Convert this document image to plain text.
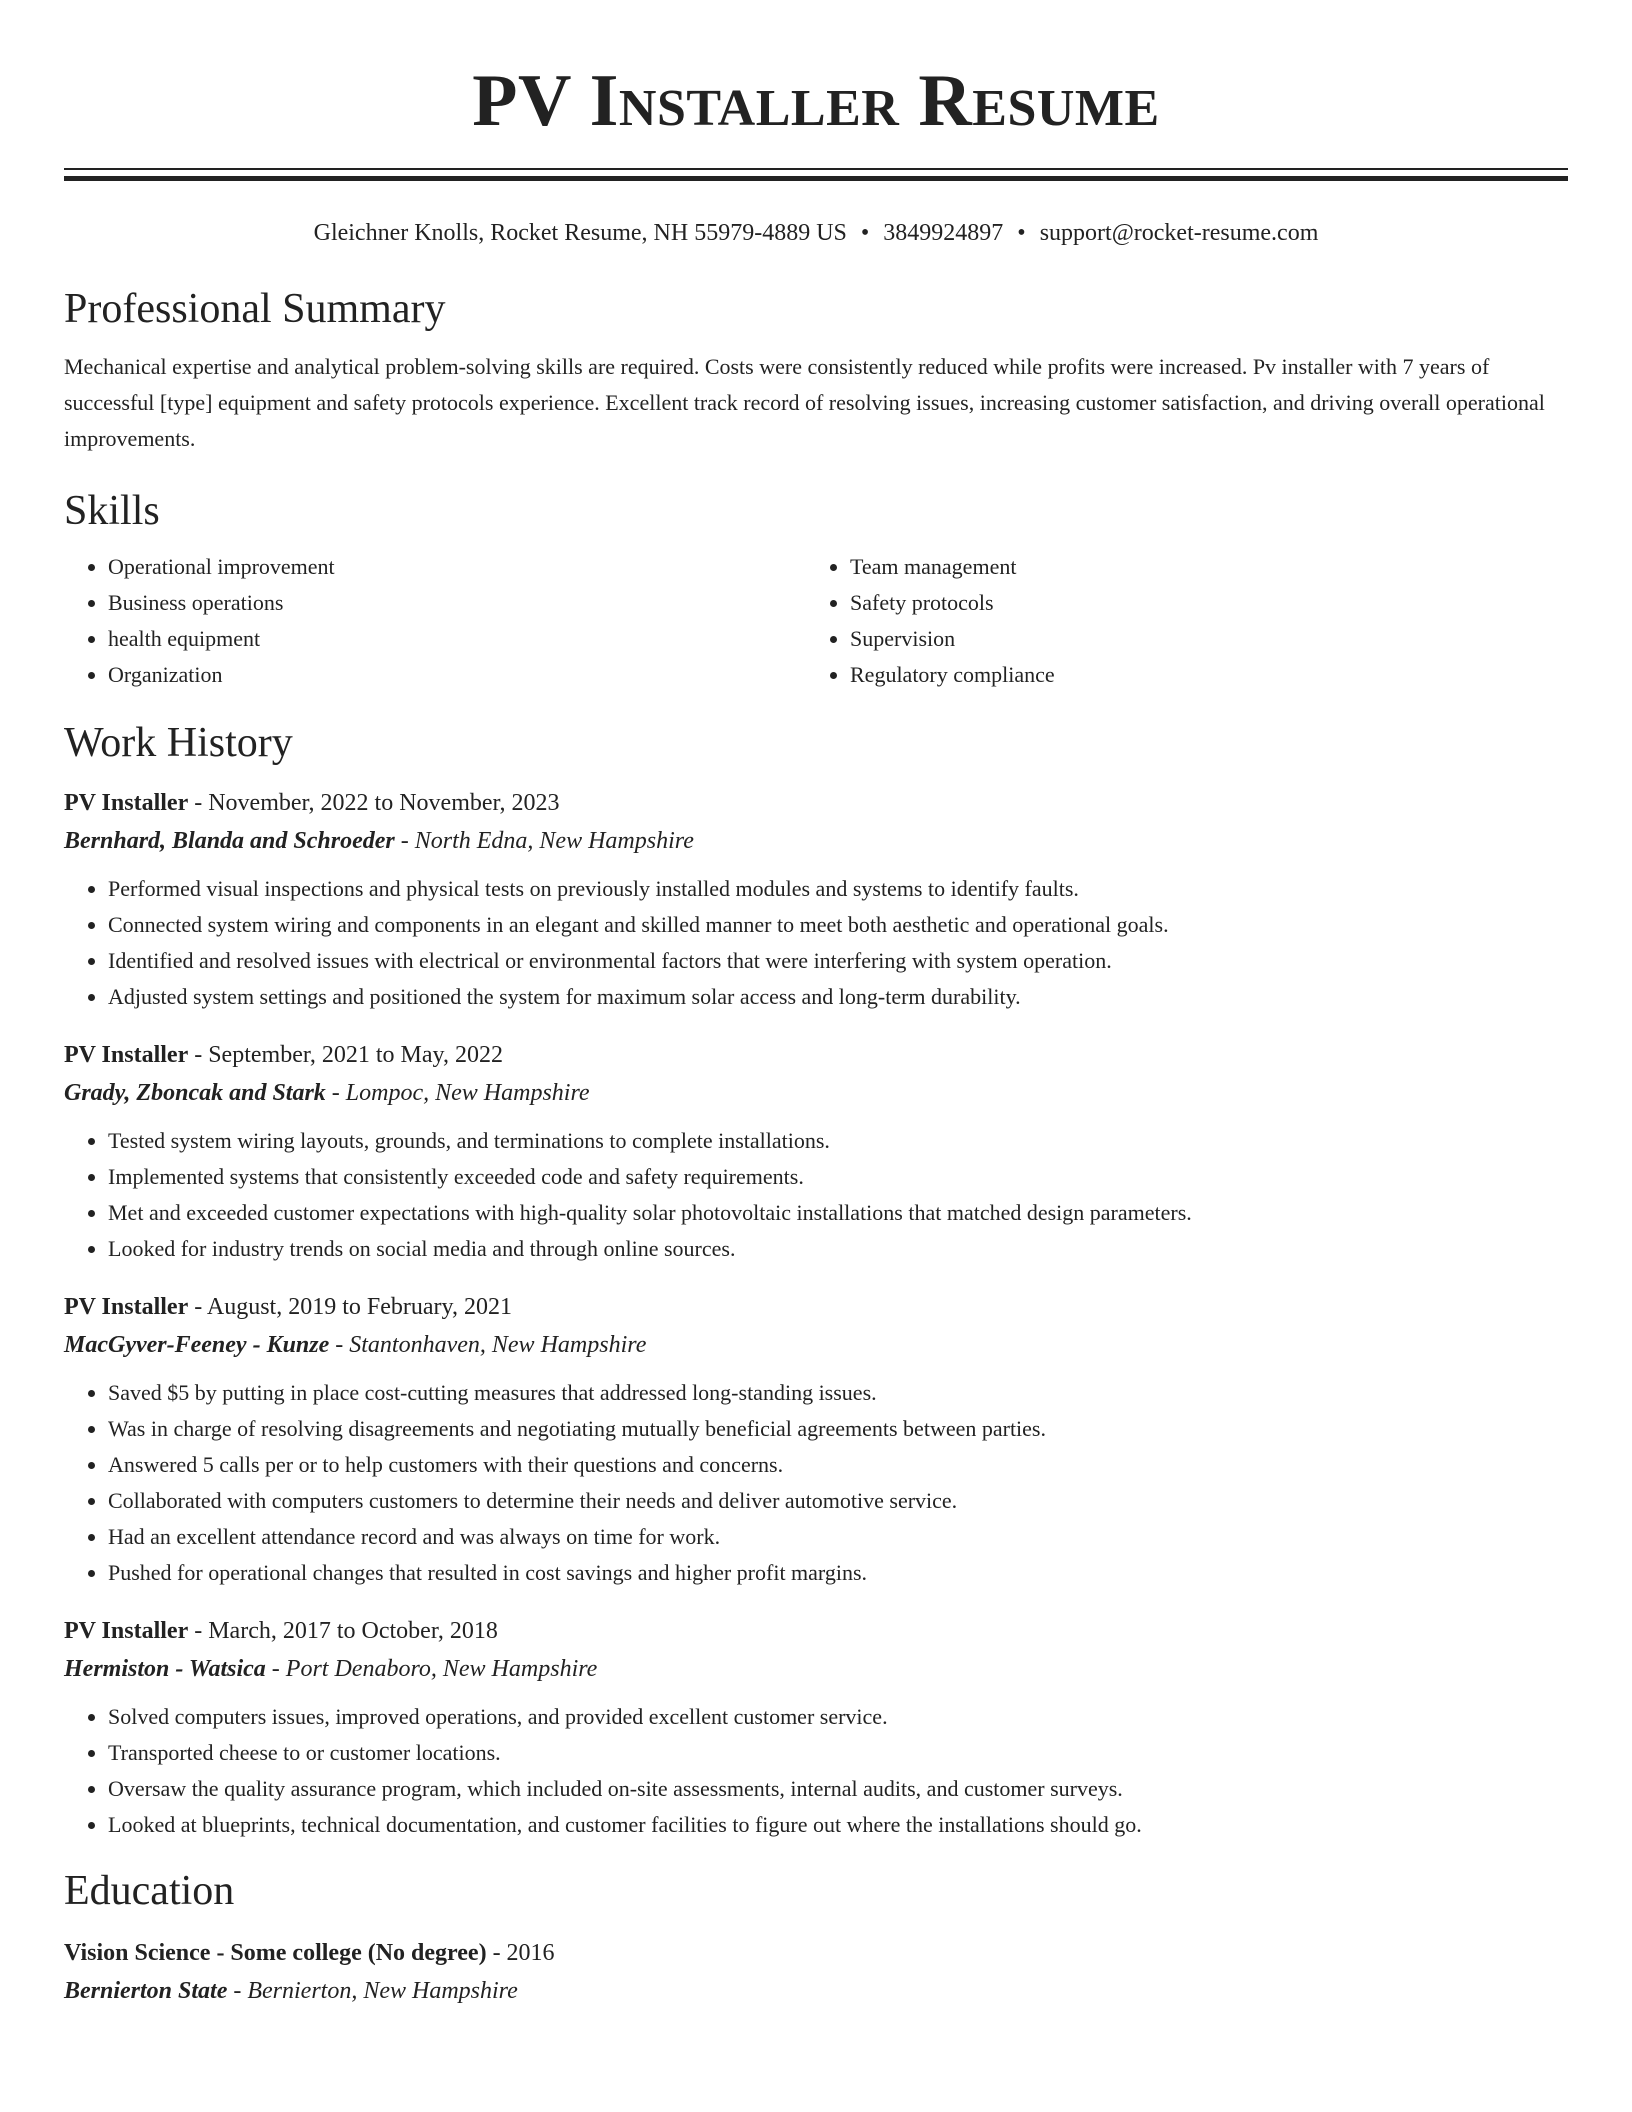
PV Installer Resume
Gleichner Knolls, Rocket Resume, NH 55979-4889 US • 3849924897 • support@rocket-resume.com
Professional Summary

Mechanical expertise and analytical problem-solving skills are required. Costs were consistently reduced while profits were increased. Pv installer with 7 years of successful [type] equipment and safety protocols experience. Excellent track record of resolving issues, increasing customer satisfaction, and driving overall operational improvements.

Skills
• Operational improvement
• Business operations
• health equipment
• Organization
• Team management
• Safety protocols
• Supervision
• Regulatory compliance
Work History
PV Installer - November, 2022 to November, 2023
Bernhard, Blanda and Schroeder - North Edna, New Hampshire
• Performed visual inspections and physical tests on previously installed modules and systems to identify faults.
• Connected system wiring and components in an elegant and skilled manner to meet both aesthetic and operational goals.
• Identified and resolved issues with electrical or environmental factors that were interfering with system operation.
• Adjusted system settings and positioned the system for maximum solar access and long-term durability.
PV Installer - September, 2021 to May, 2022
Grady, Zboncak and Stark - Lompoc, New Hampshire
• Tested system wiring layouts, grounds, and terminations to complete installations.
• Implemented systems that consistently exceeded code and safety requirements.
• Met and exceeded customer expectations with high-quality solar photovoltaic installations that matched design parameters.
• Looked for industry trends on social media and through online sources.
PV Installer - August, 2019 to February, 2021
MacGyver-Feeney - Kunze - Stantonhaven, New Hampshire
• Saved $5 by putting in place cost-cutting measures that addressed long-standing issues.
• Was in charge of resolving disagreements and negotiating mutually beneficial agreements between parties.
• Answered 5 calls per or to help customers with their questions and concerns.
• Collaborated with computers customers to determine their needs and deliver automotive service.
• Had an excellent attendance record and was always on time for work.
• Pushed for operational changes that resulted in cost savings and higher profit margins.
PV Installer - March, 2017 to October, 2018
Hermiston - Watsica - Port Denaboro, New Hampshire
• Solved computers issues, improved operations, and provided excellent customer service.
• Transported cheese to or customer locations.
• Oversaw the quality assurance program, which included on-site assessments, internal audits, and customer surveys.
• Looked at blueprints, technical documentation, and customer facilities to figure out where the installations should go.
Education
Vision Science - Some college (No degree) - 2016
Bernierton State - Bernierton, New Hampshire
